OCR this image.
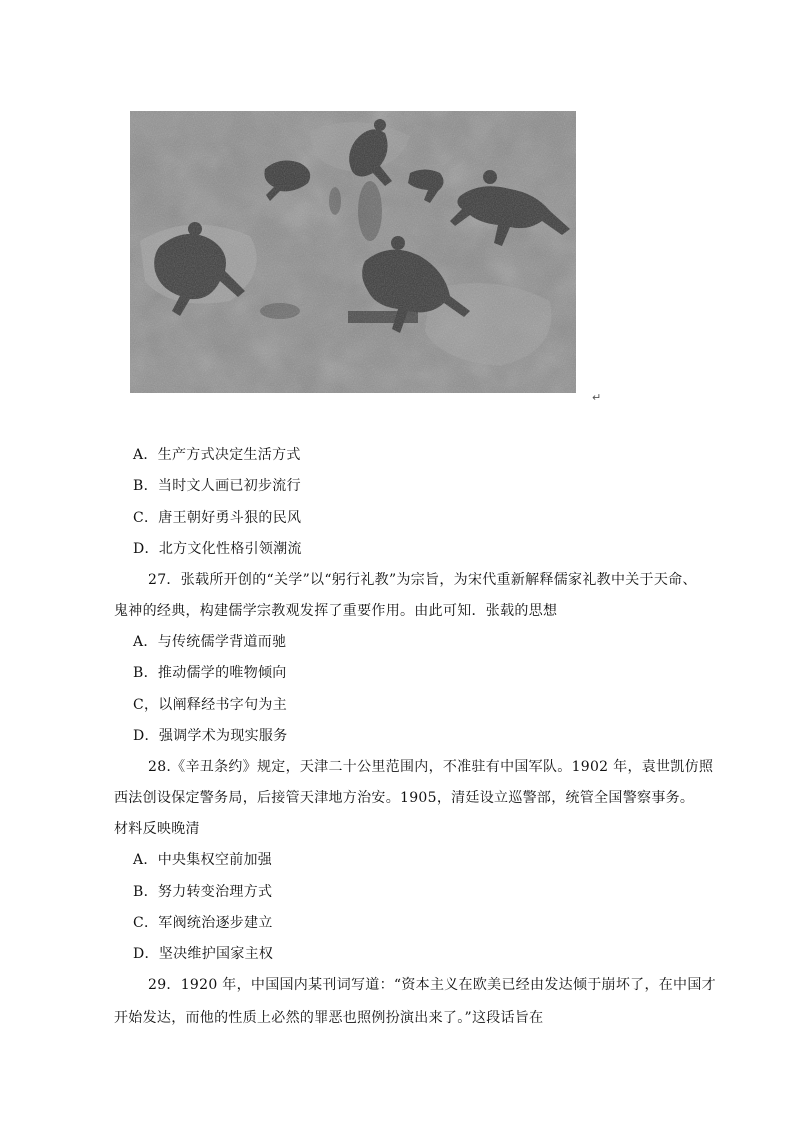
↵
A．生产方式决定生活方式
B．当时文人画已初步流行
C．唐王朝好勇斗狠的民风
D．北方文化性格引领潮流
27．张载所开创的“关学”以“躬行礼教”为宗旨，为宋代重新解释儒家礼教中关于天命、
鬼神的经典，构建儒学宗教观发挥了重要作用。由此可知．张载的思想
A．与传统儒学背道而驰
B．推动儒学的唯物倾向
C，以阐释经书字句为主
D．强调学术为现实服务
28.《辛丑条约》规定，天津二十公里范围内，不准驻有中国军队。1902 年，袁世凯仿照
西法创设保定警务局，后接管天津地方治安。1905，清廷设立巡警部，统管全国警察事务。
材料反映晚清
A．中央集权空前加强
B．努力转变治理方式
C．军阀统治逐步建立
D．坚决维护国家主权
29．1920 年，中国国内某刊词写道：“资本主义在欧美已经由发达倾于崩坏了，在中国才
开始发达，而他的性质上必然的罪恶也照例扮演出来了。”这段话旨在
